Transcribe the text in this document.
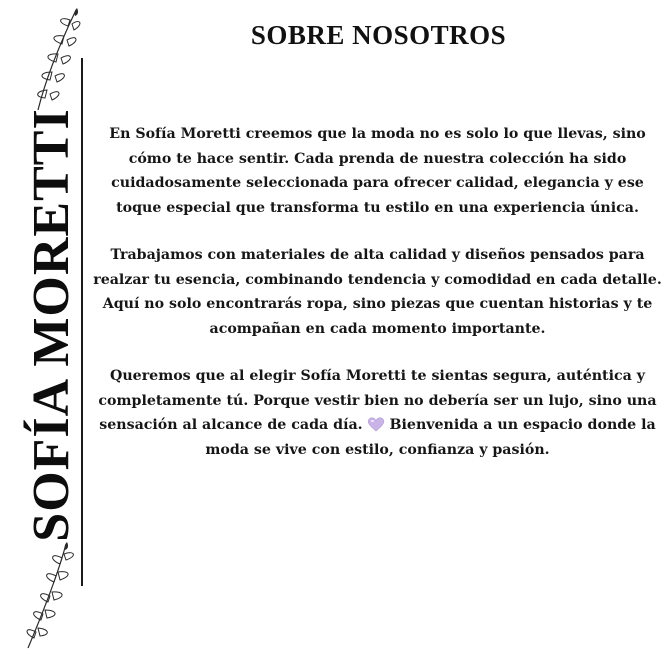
SOFÍA MORETTI
SOBRE NOSOTROS

En Sofía Moretti creemos que la moda no es solo lo que llevas, sino cómo te hace sentir. Cada prenda de nuestra colección ha sido cuidadosamente seleccionada para ofrecer calidad, elegancia y ese toque especial que transforma tu estilo en una experiencia única.

Trabajamos con materiales de alta calidad y diseños pensados para realzar tu esencia, combinando tendencia y comodidad en cada detalle. Aquí no solo encontrarás ropa, sino piezas que cuentan historias y te acompañan en cada momento importante.

Queremos que al elegir Sofía Moretti te sientas segura, auténtica y completamente tú. Porque vestir bien no debería ser un lujo, sino una sensación al alcance de cada día. Bienvenida a un espacio donde la moda se vive con estilo, confianza y pasión.
